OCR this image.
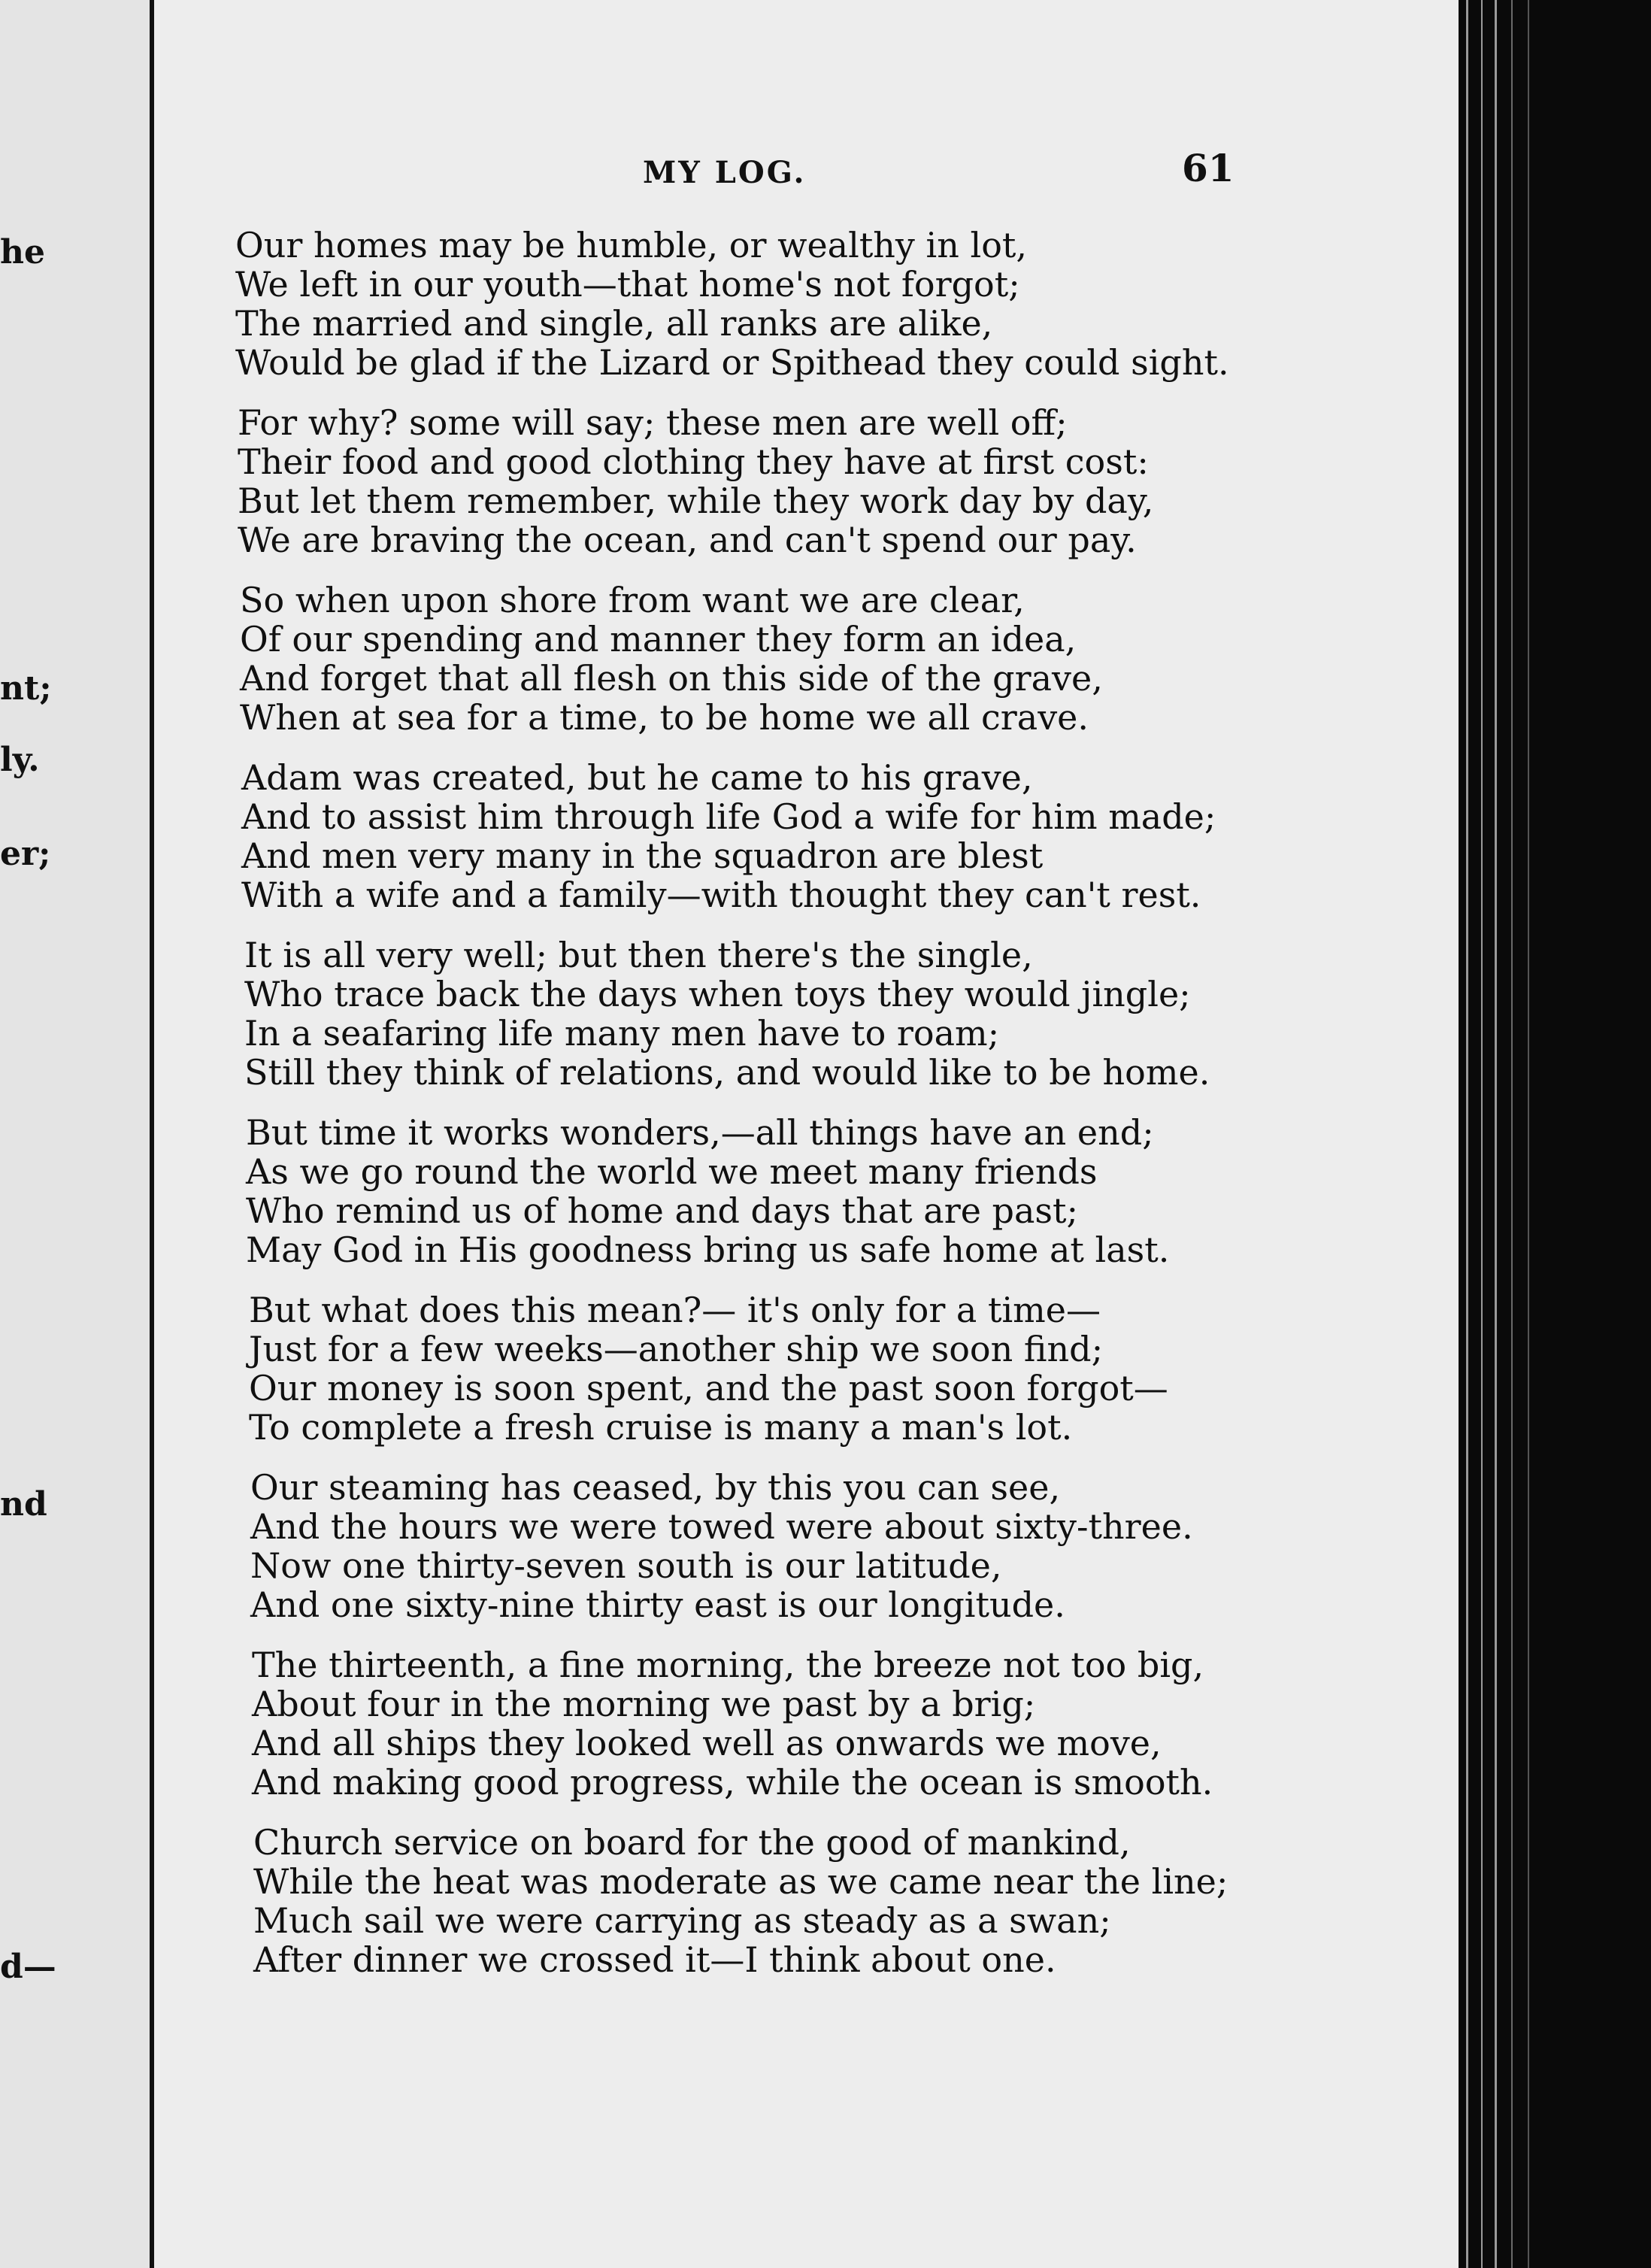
he
nt;
ly.
er;
nd
d—
MY LOG.	61
Our homes may be humble, or wealthy in lot,
We left in our youth—that home's not forgot;
The married and single, all ranks are alike,
Would be glad if the Lizard or Spithead they could sight.
For why? some will say; these men are well off;
Their food and good clothing they have at first cost:
But let them remember, while they work day by day,
We are braving the ocean, and can't spend our pay.
So when upon shore from want we are clear,
Of our spending and manner they form an idea,
And forget that all flesh on this side of the grave,
When at sea for a time, to be home we all crave.
Adam was created, but he came to his grave,
And to assist him through life God a wife for him made;
And men very many in the squadron are blest
With a wife and a family—with thought they can't rest.
It is all very well; but then there's the single,
Who trace back the days when toys they would jingle;
In a seafaring life many men have to roam;
Still they think of relations, and would like to be home.
But time it works wonders,—all things have an end;
As we go round the world we meet many friends
Who remind us of home and days that are past;
May God in His goodness bring us safe home at last.
But what does this mean?— it's only for a time—
Just for a few weeks—another ship we soon find;
Our money is soon spent, and the past soon forgot—
To complete a fresh cruise is many a man's lot.
Our steaming has ceased, by this you can see,
And the hours we were towed were about sixty-three.
Now one thirty-seven south is our latitude,
And one sixty-nine thirty east is our longitude.
The thirteenth, a fine morning, the breeze not too big,
About four in the morning we past by a brig;
And all ships they looked well as onwards we move,
And making good progress, while the ocean is smooth.
Church service on board for the good of mankind,
While the heat was moderate as we came near the line;
Much sail we were carrying as steady as a swan;
After dinner we crossed it—I think about one.
